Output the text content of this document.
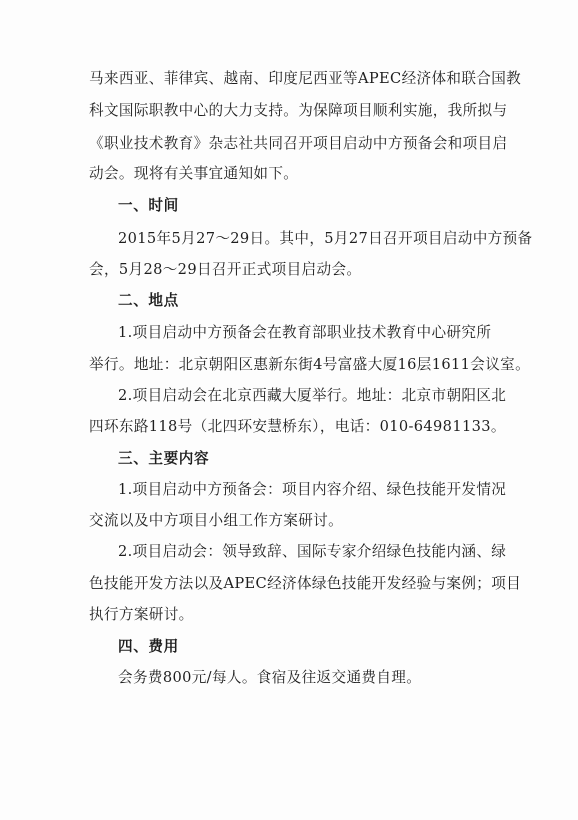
马来西亚、菲律宾、越南、印度尼西亚等APEC经济体和联合国教
科文国际职教中心的大力支持。为保障项目顺利实施，我所拟与
《职业技术教育》杂志社共同召开项目启动中方预备会和项目启
动会。现将有关事宜通知如下。
一、时间
2015年5月27～29日。其中，5月27日召开项目启动中方预备
会，5月28～29日召开正式项目启动会。
二、地点
1.项目启动中方预备会在教育部职业技术教育中心研究所
举行。地址：北京朝阳区惠新东街4号富盛大厦16层1611会议室。
2.项目启动会在北京西藏大厦举行。地址：北京市朝阳区北
四环东路118号（北四环安慧桥东），电话：010-64981133。
三、主要内容
1.项目启动中方预备会：项目内容介绍、绿色技能开发情况
交流以及中方项目小组工作方案研讨。
2.项目启动会：领导致辞、国际专家介绍绿色技能内涵、绿
色技能开发方法以及APEC经济体绿色技能开发经验与案例；项目
执行方案研讨。
四、费用
会务费800元/每人。食宿及往返交通费自理。
